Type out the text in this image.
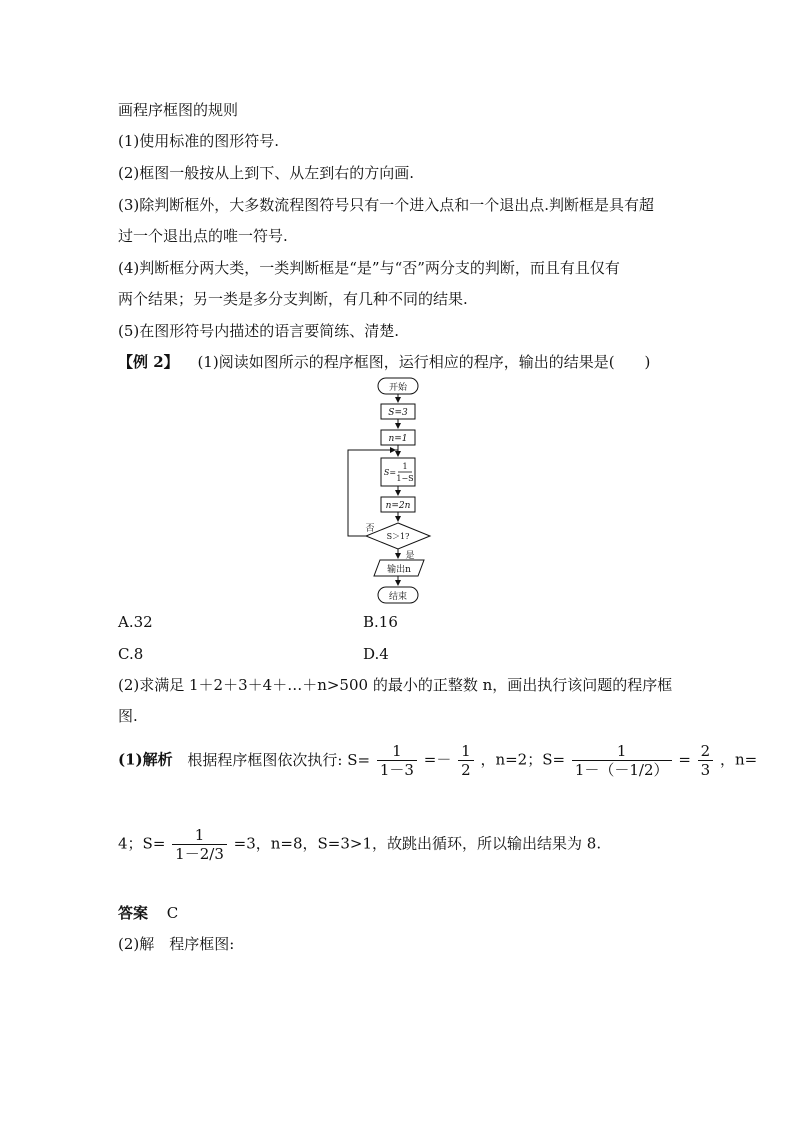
画程序框图的规则
(1)使用标准的图形符号.
(2)框图一般按从上到下、从左到右的方向画.
(3)除判断框外，大多数流程图符号只有一个进入点和一个退出点.判断框是具有超
过一个退出点的唯一符号.
(4)判断框分两大类，一类判断框是“是”与“否”两分支的判断，而且有且仅有
两个结果；另一类是多分支判断，有几种不同的结果.
(5)在图形符号内描述的语言要简练、清楚.
【例 2】 (1)阅读如图所示的程序框图，运行相应的程序，输出的结果是(　　)
开始
S=3
n=1
S=
1
1−S
n=2n
S＞1?
否
是
输出n
结束
A.32	B.16
C.8	D.4
(2)求满足 1＋2＋3＋4＋…＋n>500 的最小的正整数 n，画出执行该问题的程序框
图.
(1)解析 根据程序框图依次执行: $S= \frac{1}{1-3} =- \frac{1}{2}$ ，n=2；$S= \frac{1}{1-(-1/2)} = \frac{2}{3}$ ，n=
4；$S= \frac{1}{1-2/3} =3$，n=8，S=3>1，故跳出循环，所以输出结果为 8.
答案 C
(2)解　程序框图:
